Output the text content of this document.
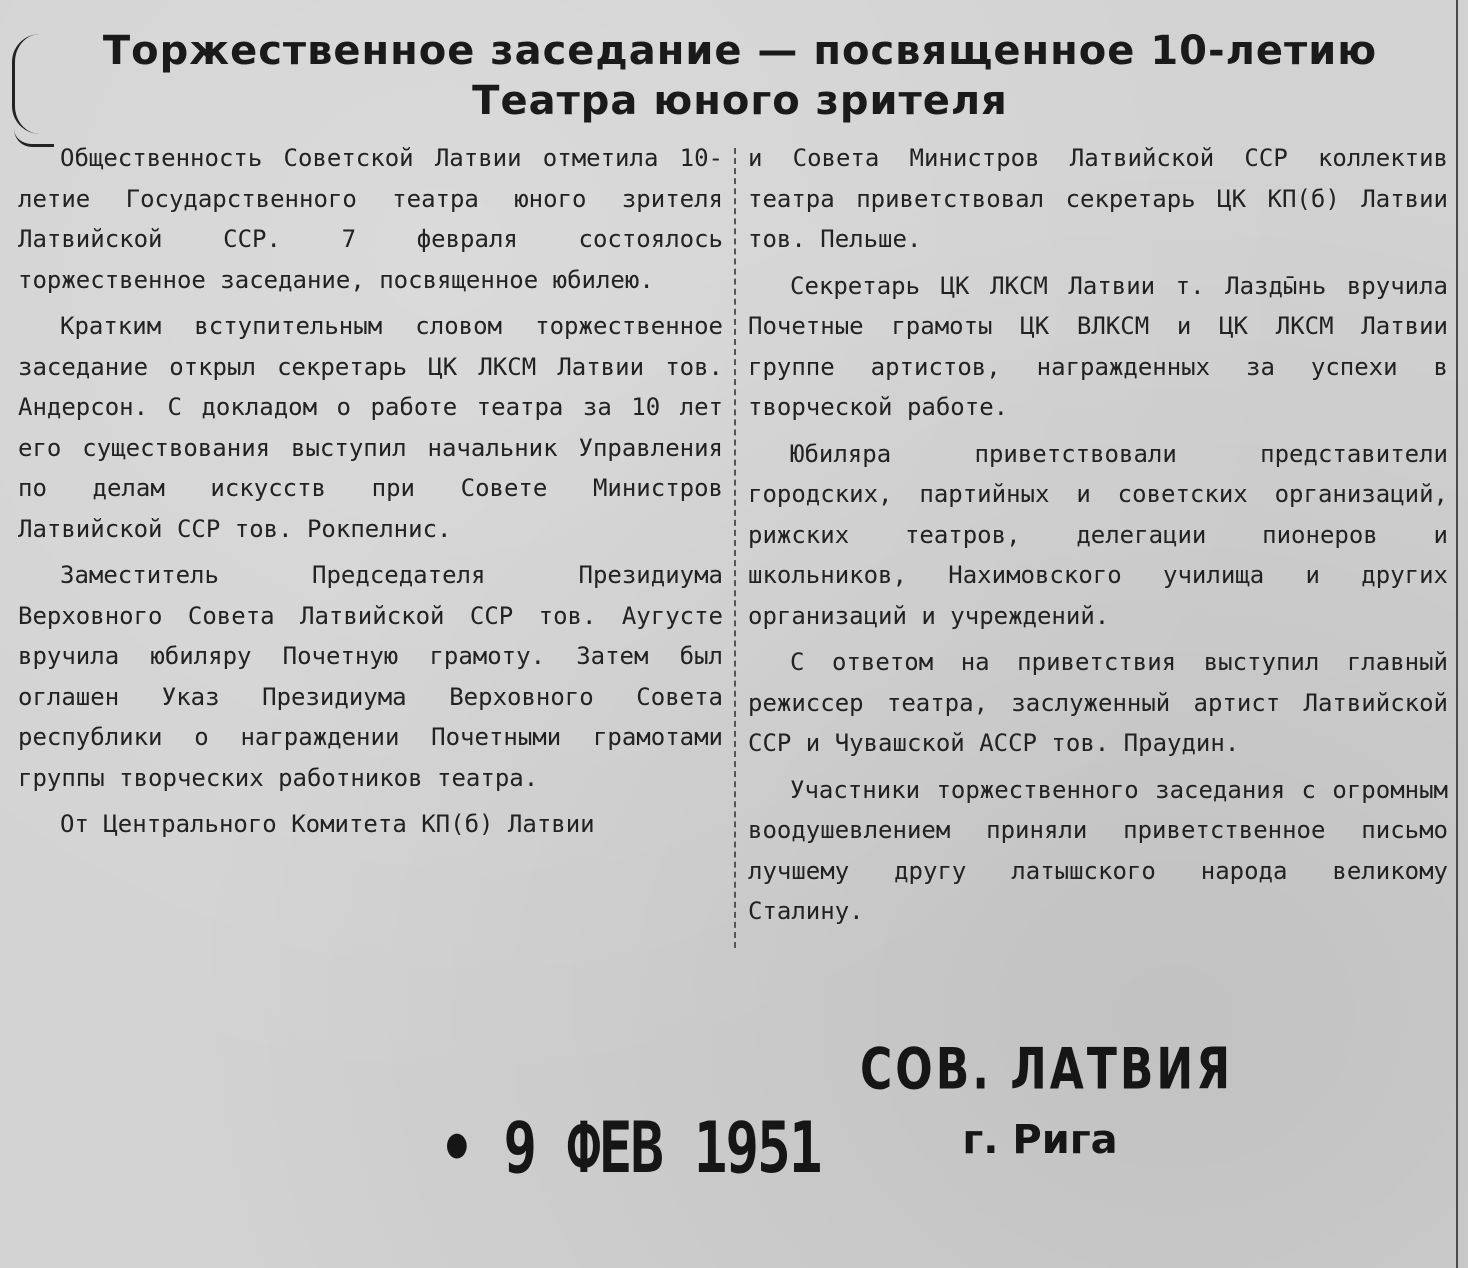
Торжественное заседание — посвященное 10-летию
Театра юного зрителя

Общественность Советской Латвии отметила 10-летие Государственного театра юного зрителя Латвийской ССР. 7 февраля состоялось торжественное заседание, посвященное юбилею.

Кратким вступительным словом торжественное заседание открыл секретарь ЦК ЛКСМ Латвии тов. Андерсон. С докладом о работе театра за 10 лет его существования выступил начальник Управления по делам искусств при Совете Министров Латвийской ССР тов. Рокпелнис.

Заместитель Председателя Президиума Верховного Совета Латвийской ССР тов. Аугусте вручила юбиляру Почетную грамоту. Затем был оглашен Указ Президиума Верховного Совета республики о награждении Почетными грамотами группы творческих работников театра.

От Центрального Комитета КП(б) Латвии

и Совета Министров Латвийской ССР коллектив театра приветствовал секретарь ЦК КП(б) Латвии тов. Пельше.

Секретарь ЦК ЛКСМ Латвии т. Лазды̄нь вручила Почетные грамоты ЦК ВЛКСМ и ЦК ЛКСМ Латвии группе артистов, награжденных за успехи в творческой работе.

Юбиляра приветствовали представители городских, партийных и советских организаций, рижских театров, делегации пионеров и школьников, Нахимовского училища и других организаций и учреждений.

С ответом на приветствия выступил главный режиссер театра, заслуженный артист Латвийской ССР и Чувашской АССР тов. Праудин.

Участники торжественного заседания с огромным воодушевлением приняли приветственное письмо лучшему другу латышского народа великому Сталину.

• 9 ФЕВ 1951
СОВ. ЛАТВИЯ
г. Рига
